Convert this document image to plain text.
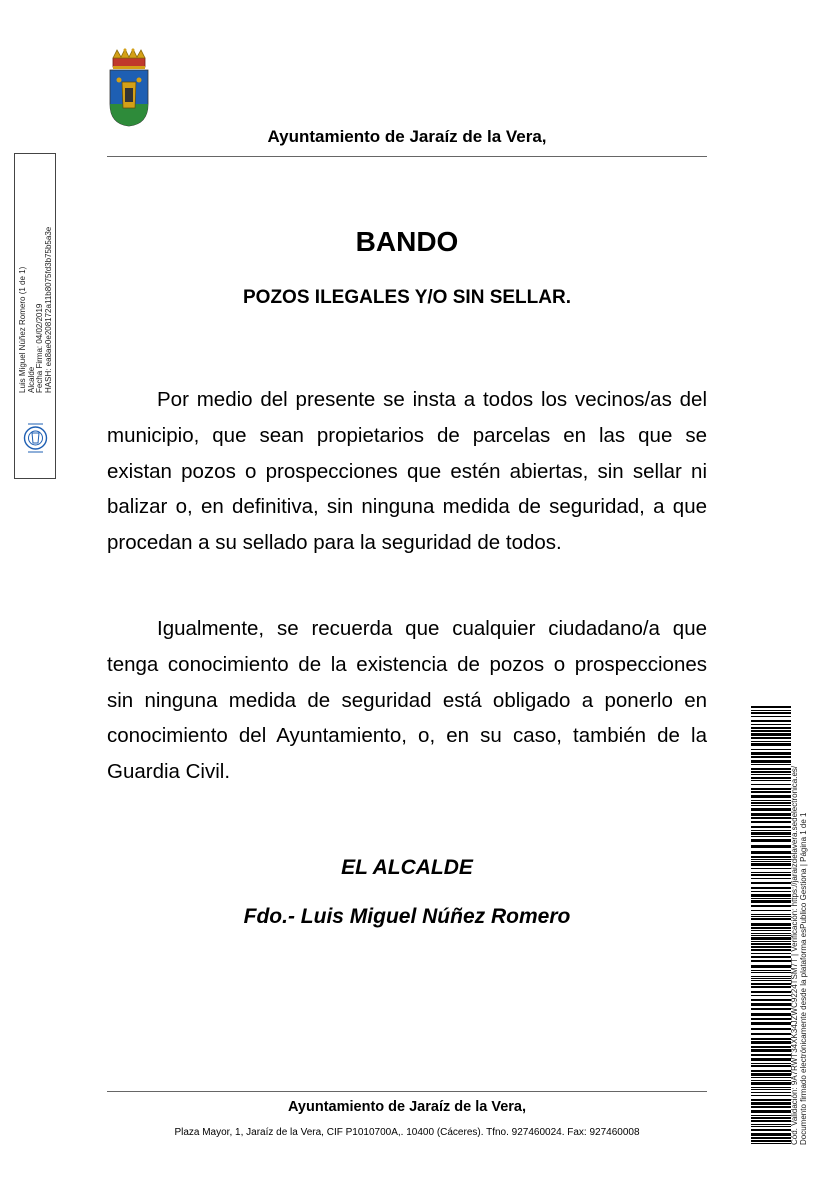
Ayuntamiento de Jaraíz de la Vera,
Luis Miguel Núñez Romero (1 de 1) Alcalde Fecha Firma: 04/02/2019 HASH: ea8ae0e208172a11b8075fd3b75b5a3e	BANDO
POZOS ILEGALES Y/O SIN SELLAR.

Por medio del presente se insta a todos los vecinos/as del municipio, que sean propietarios de parcelas en las que se existan pozos o prospecciones que estén abiertas, sin sellar ni balizar o, en definitiva, sin ninguna medida de seguridad, a que procedan a su sellado para la seguridad de todos.

Igualmente, se recuerda que cualquier ciudadano/a que tenga conocimiento de la existencia de pozos o prospecciones sin ninguna medida de seguridad está obligado a ponerlo en conocimiento del Ayuntamiento, o, en su caso, también de la Guardia Civil.

EL ALCALDE
Fdo.- Luis Miguel Núñez Romero
Ayuntamiento de Jaraíz de la Vera,
Plaza Mayor, 1, Jaraíz de la Vera, CIF P1010700A,. 10400 (Cáceres). Tfno. 927460024. Fax: 927460008	Cód. Validación: 9A7RWT34XK34JZWC9224TSM7T | Verificación: https://jaraizdelavera.sedelectronica.es/ Documento firmado electrónicamente desde la plataforma esPublico Gestiona | Página 1 de 1
